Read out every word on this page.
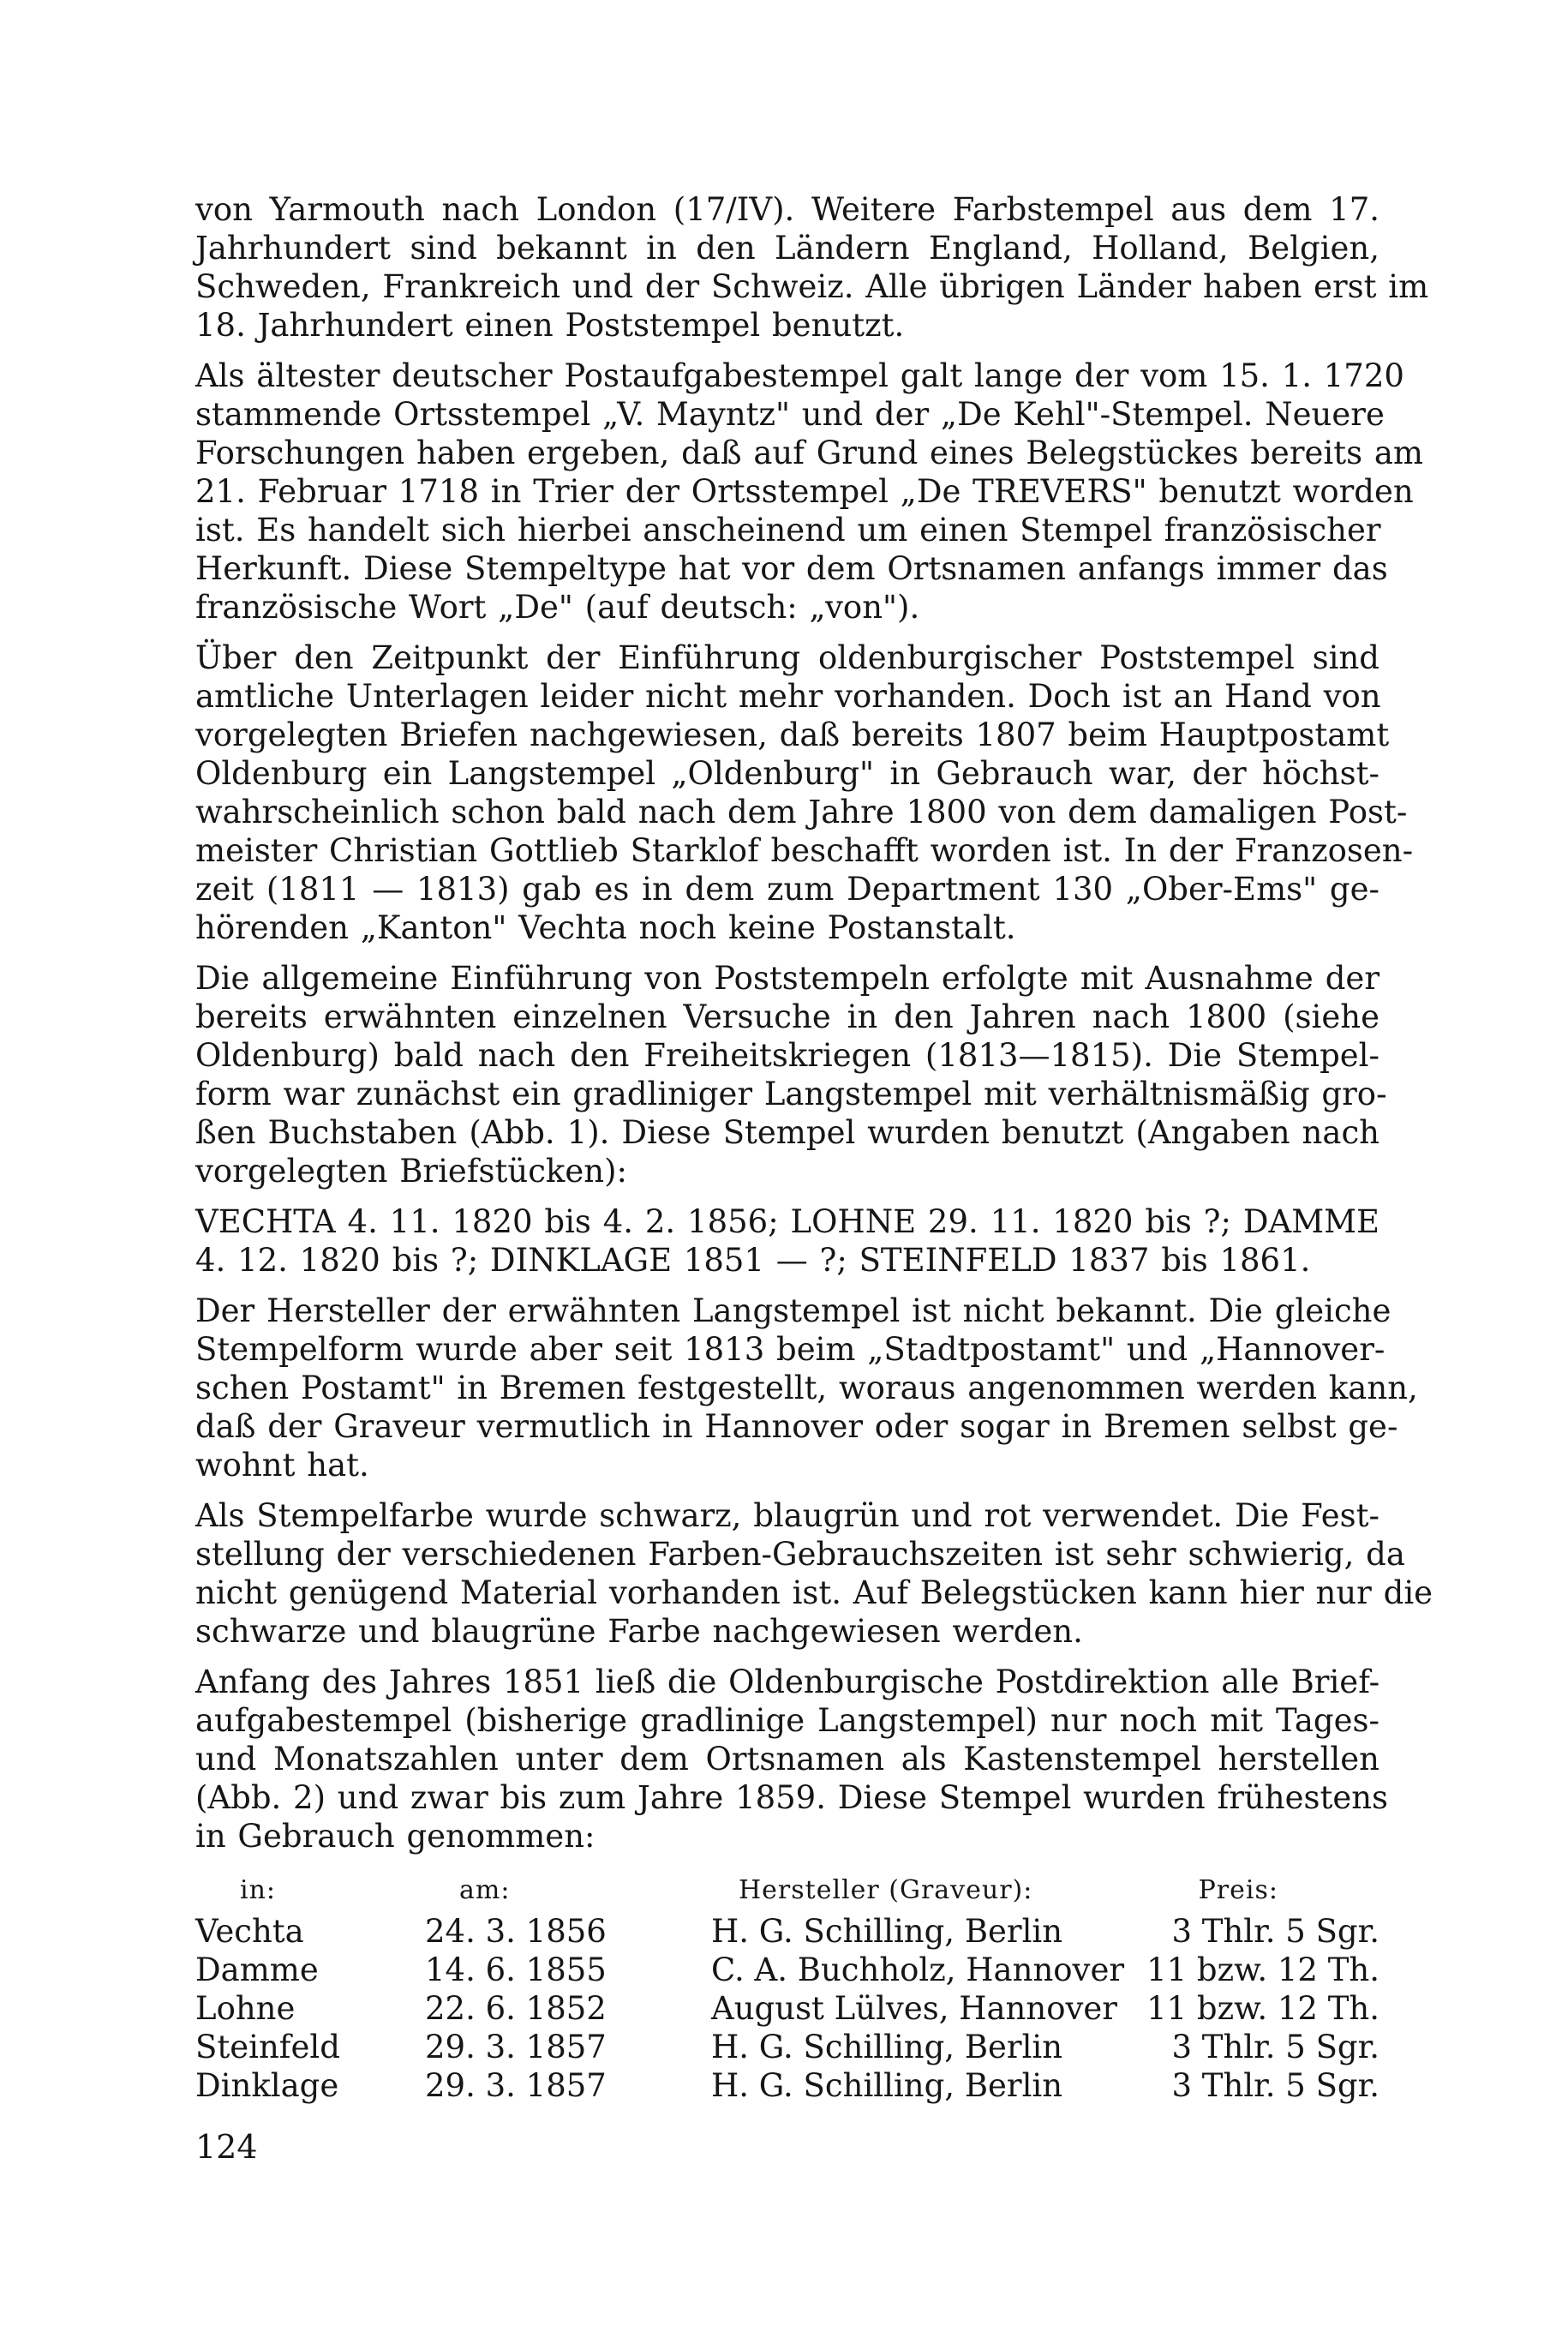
von Yarmouth nach London (17/IV). Weitere Farbstempel aus dem 17.
Jahrhundert sind bekannt in den Ländern England, Holland, Belgien,
Schweden, Frankreich und der Schweiz. Alle übrigen Länder haben erst im
18. Jahrhundert einen Poststempel benutzt.
Als ältester deutscher Postaufgabestempel galt lange der vom 15. 1. 1720
stammende Ortsstempel „V. Mayntz" und der „De Kehl"-Stempel. Neuere
Forschungen haben ergeben, daß auf Grund eines Belegstückes bereits am
21. Februar 1718 in Trier der Ortsstempel „De TREVERS" benutzt worden
ist. Es handelt sich hierbei anscheinend um einen Stempel französischer
Herkunft. Diese Stempeltype hat vor dem Ortsnamen anfangs immer das
französische Wort „De" (auf deutsch: „von").
Über den Zeitpunkt der Einführung oldenburgischer Poststempel sind
amtliche Unterlagen leider nicht mehr vorhanden. Doch ist an Hand von
vorgelegten Briefen nachgewiesen, daß bereits 1807 beim Hauptpostamt
Oldenburg ein Langstempel „Oldenburg" in Gebrauch war, der höchst-
wahrscheinlich schon bald nach dem Jahre 1800 von dem damaligen Post-
meister Christian Gottlieb Starklof beschafft worden ist. In der Franzosen-
zeit (1811 — 1813) gab es in dem zum Department 130 „Ober-Ems" ge-
hörenden „Kanton" Vechta noch keine Postanstalt.
Die allgemeine Einführung von Poststempeln erfolgte mit Ausnahme der
bereits erwähnten einzelnen Versuche in den Jahren nach 1800 (siehe
Oldenburg) bald nach den Freiheitskriegen (1813—1815). Die Stempel-
form war zunächst ein gradliniger Langstempel mit verhältnismäßig gro-
ßen Buchstaben (Abb. 1). Diese Stempel wurden benutzt (Angaben nach
vorgelegten Briefstücken):
VECHTA 4. 11. 1820 bis 4. 2. 1856; LOHNE 29. 11. 1820 bis ?; DAMME
4. 12. 1820 bis ?; DINKLAGE 1851 — ?; STEINFELD 1837 bis 1861.
Der Hersteller der erwähnten Langstempel ist nicht bekannt. Die gleiche
Stempelform wurde aber seit 1813 beim „Stadtpostamt" und „Hannover-
schen Postamt" in Bremen festgestellt, woraus angenommen werden kann,
daß der Graveur vermutlich in Hannover oder sogar in Bremen selbst ge-
wohnt hat.
Als Stempelfarbe wurde schwarz, blaugrün und rot verwendet. Die Fest-
stellung der verschiedenen Farben-Gebrauchszeiten ist sehr schwierig, da
nicht genügend Material vorhanden ist. Auf Belegstücken kann hier nur die
schwarze und blaugrüne Farbe nachgewiesen werden.
Anfang des Jahres 1851 ließ die Oldenburgische Postdirektion alle Brief-
aufgabestempel (bisherige gradlinige Langstempel) nur noch mit Tages-
und Monatszahlen unter dem Ortsnamen als Kastenstempel herstellen
(Abb. 2) und zwar bis zum Jahre 1859. Diese Stempel wurden frühestens
in Gebrauch genommen:
in:	am:	Hersteller (Graveur):	Preis:
Vechta	24. 3. 1856	H. G. Schilling, Berlin	3 Thlr. 5 Sgr.
Damme	14. 6. 1855	C. A. Buchholz, Hannover 11 bzw. 12 Th.
Lohne	22. 6. 1852	August Lülves, Hannover 11 bzw. 12 Th.
Steinfeld	29. 3. 1857	H. G. Schilling, Berlin	3 Thlr. 5 Sgr.
Dinklage	29. 3. 1857	H. G. Schilling, Berlin	3 Thlr. 5 Sgr.
124
